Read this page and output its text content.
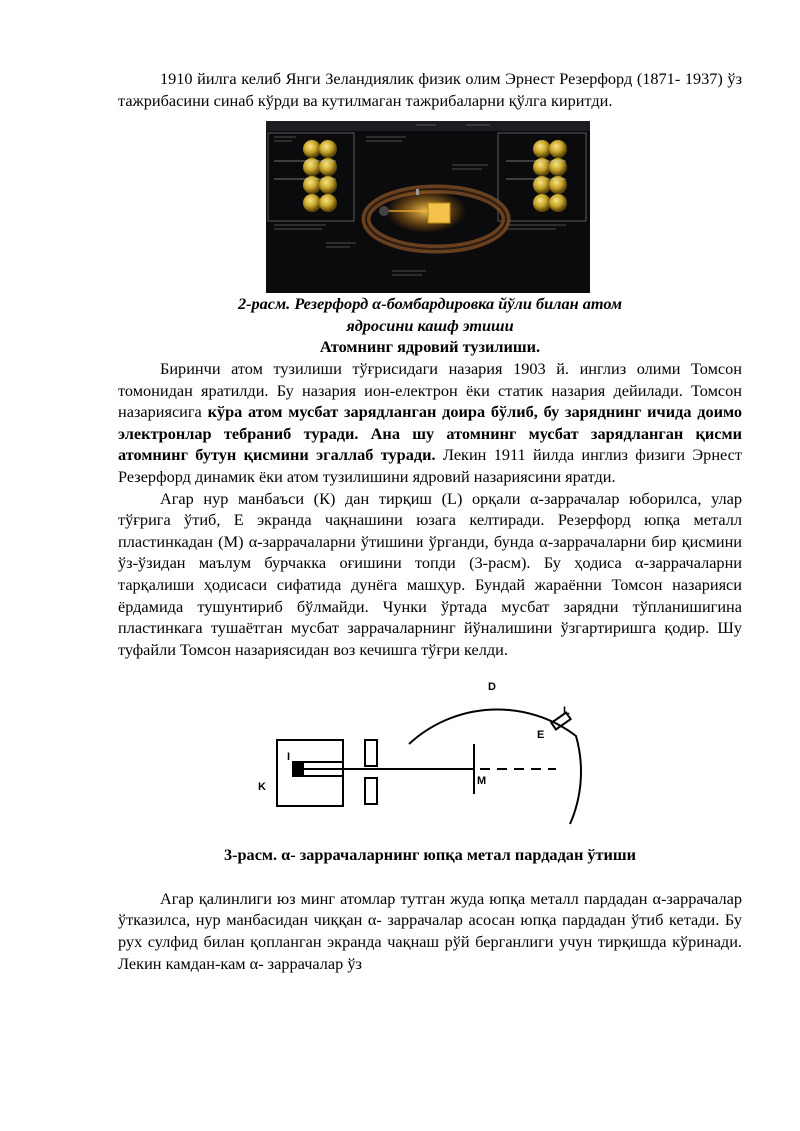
1910 йилга келиб Янги Зеландиялик физик олим Эрнест Резерфорд (1871- 1937) ўз тажрибасини синаб кўрди ва кутилмаган тажрибаларни қўлга киритди.

2-расм. Резерфорд α-бомбардировка йўли билан атом
ядросини кашф этиши
Атомнинг ядровий тузилиши.

Биринчи атом тузилиши тўғрисидаги назария 1903 й. инглиз олими Томсон томонидан яратилди. Бу назария ион-електрон ёки статик назария дейилади. Томсон назариясига кўра атом мусбат зарядланган доира бўлиб, бу заряднинг ичида доимо электронлар тебраниб туради. Ана шу атомнинг мусбат зарядланган қисми атомнинг бутун қисмини эгаллаб туради. Лекин 1911 йилда инглиз физиги Эрнест Резерфорд динамик ёки атом тузилишини ядровий назариясини яратди.

Агар нур манбаъси (К) дан тирқиш (L) орқали α-заррачалар юборилса, улар тўғрига ўтиб, Е экранда чақнашини юзага келтиради. Резерфорд юпқа металл пластинкадан (М) α-заррачаларни ўтишини ўрганди, бунда α-заррачаларни бир қисмини ўз-ўзидан маълум бурчакка оғишини топди (3-расм). Бу ҳодиса α-заррачаларни тарқалиши ҳодисаси сифатида дунёга машҳур. Бундай жараённи Томсон назарияси ёрдамида тушунтириб бўлмайди. Чунки ўртада мусбат зарядни тўпланишигина пластинкага тушаётган мусбат заррачаларнинг йўналишини ўзгартиришга қодир. Шу туфайли Томсон назариясидан воз кечишга тўғри келди.

K
I
M
E
L
D
3-расм. α- заррачаларнинг юпқа метал пардадан ўтиши

Агар қалинлиги юз минг атомлар тутган жуда юпқа металл пардадан α-заррачалар ўтказилса, нур манбасидан чиққан α- заррачалар асосан юпқа пардадан ўтиб кетади. Бу рух сулфид билан қопланган экранда чақнаш рўй берганлиги учун тирқишда кўринади. Лекин камдан-кам α- заррачалар ўз
